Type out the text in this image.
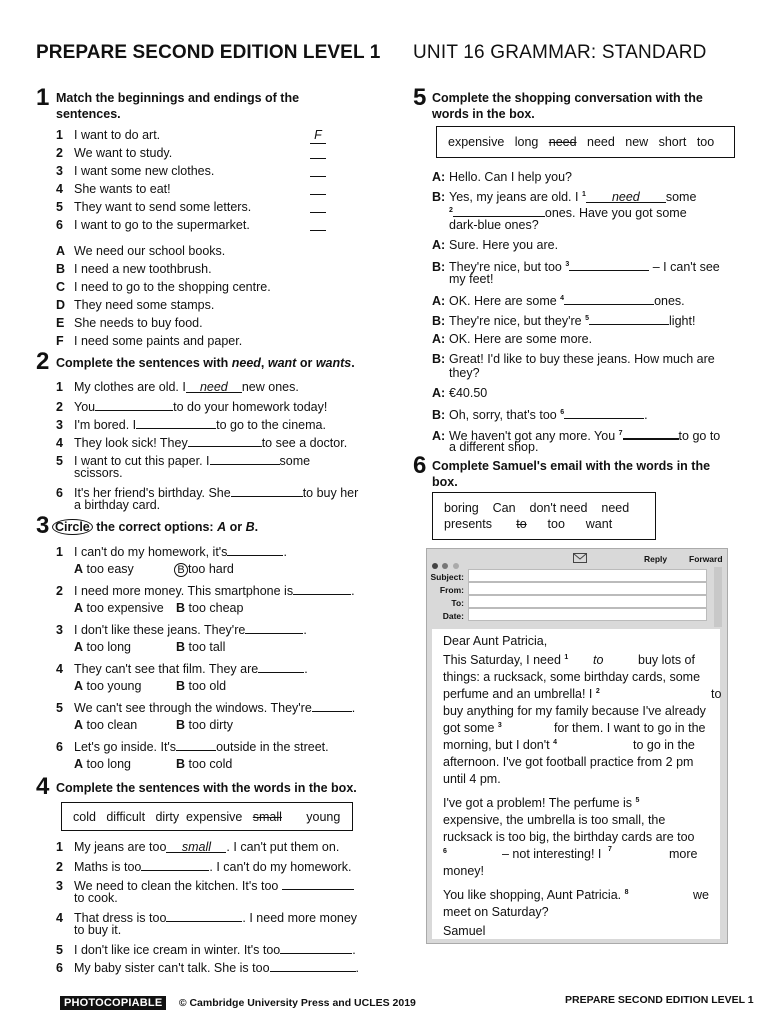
PREPARE SECOND EDITION LEVEL 1 UNIT 16 GRAMMAR: STANDARD
1 Match the beginnings and endings of the sentences.
1 I want to do art.	F
2 We want to study.
3 I want some new clothes.
4 She wants to eat!
5 They want to send some letters.
6 I want to go to the supermarket.
A We need our school books.
B I need a new toothbrush.
C I need to go to the shopping centre.
D They need some stamps.
E She needs to buy food.
F I need some paints and paper.
2 Complete the sentences with need, want or wants.
1 My clothes are old. I need new ones.
2 You	to do your homework today!
3 I'm bored. I	to go to the cinema.
4 They look sick! They	to see a doctor.
5 I want to cut this paper. I	some
scissors.
6 It's her friend's birthday. She	to buy her
a birthday card.
3 Circle the correct options: A or B.
1 I can't do my homework, it's	.
A too easy	B too hard
2 I need more money. This smartphone is	.
A too expensive B too cheap
3 I don't like these jeans. They're	.
A too long	B too tall
4 They can't see that film. They are	.
A too young	B too old
5 We can't see through the windows. They're	.
A too clean	B too dirty
6 Let's go inside. It's	outside in the street.
A too long	B too cold
4 Complete the sentences with the words in the box.
cold difficult dirty expensive small young
1 My jeans are too small . I can't put them on.
2 Maths is too	. I can't do my homework.
3 We need to clean the kitchen. It's too
to cook.
4 That dress is too	. I need more money
to buy it.
5 I don't like ice cream in winter. It's too	.
6 My baby sister can't talk. She is too	.
5 Complete the shopping conversation with the words in the box.
expensive long need need new short too
A: Hello. Can I help you?
B: Yes, my jeans are old. I $^1$ need some
$^2$	ones. Have you got some
dark-blue ones?
A: Sure. Here you are.
B: They're nice, but too $^3$	– I can't see
my feet!
A: OK. Here are some $^4$	ones.
B: They're nice, but they're $^5$	light!
A: OK. Here are some more.
B: Great! I'd like to buy these jeans. How much are
they?
A: €40.50
B: Oh, sorry, that's too $^6$	.
A: We haven't got any more. You $^7$	to go to
a different shop.
6 Complete Samuel's email with the words in the box.
boring Can don't need need
presents to too want

Reply	Forward
Subject:
From:
To:
Date:
Dear Aunt Patricia,
This Saturday, I need $^1$ to	buy lots of
things: a rucksack, some birthday cards, some
perfume and an umbrella! I $^2$	to
buy anything for my family because I've already
got some $^3$	for them. I want to go in the
morning, but I don't $^4$	to go in the
afternoon. I've got football practice from 2 pm
until 4 pm.
I've got a problem! The perfume is $^5$
expensive, the umbrella is too small, the
rucksack is too big, the birthday cards are too
$^6$	– not interesting! I 7	more
money!
You like shopping, Aunt Patricia. $^8$	we
meet on Saturday?
Samuel
PHOTOCOPIABLE © Cambridge University Press and UCLES 2019	PREPARE SECOND EDITION LEVEL 1
